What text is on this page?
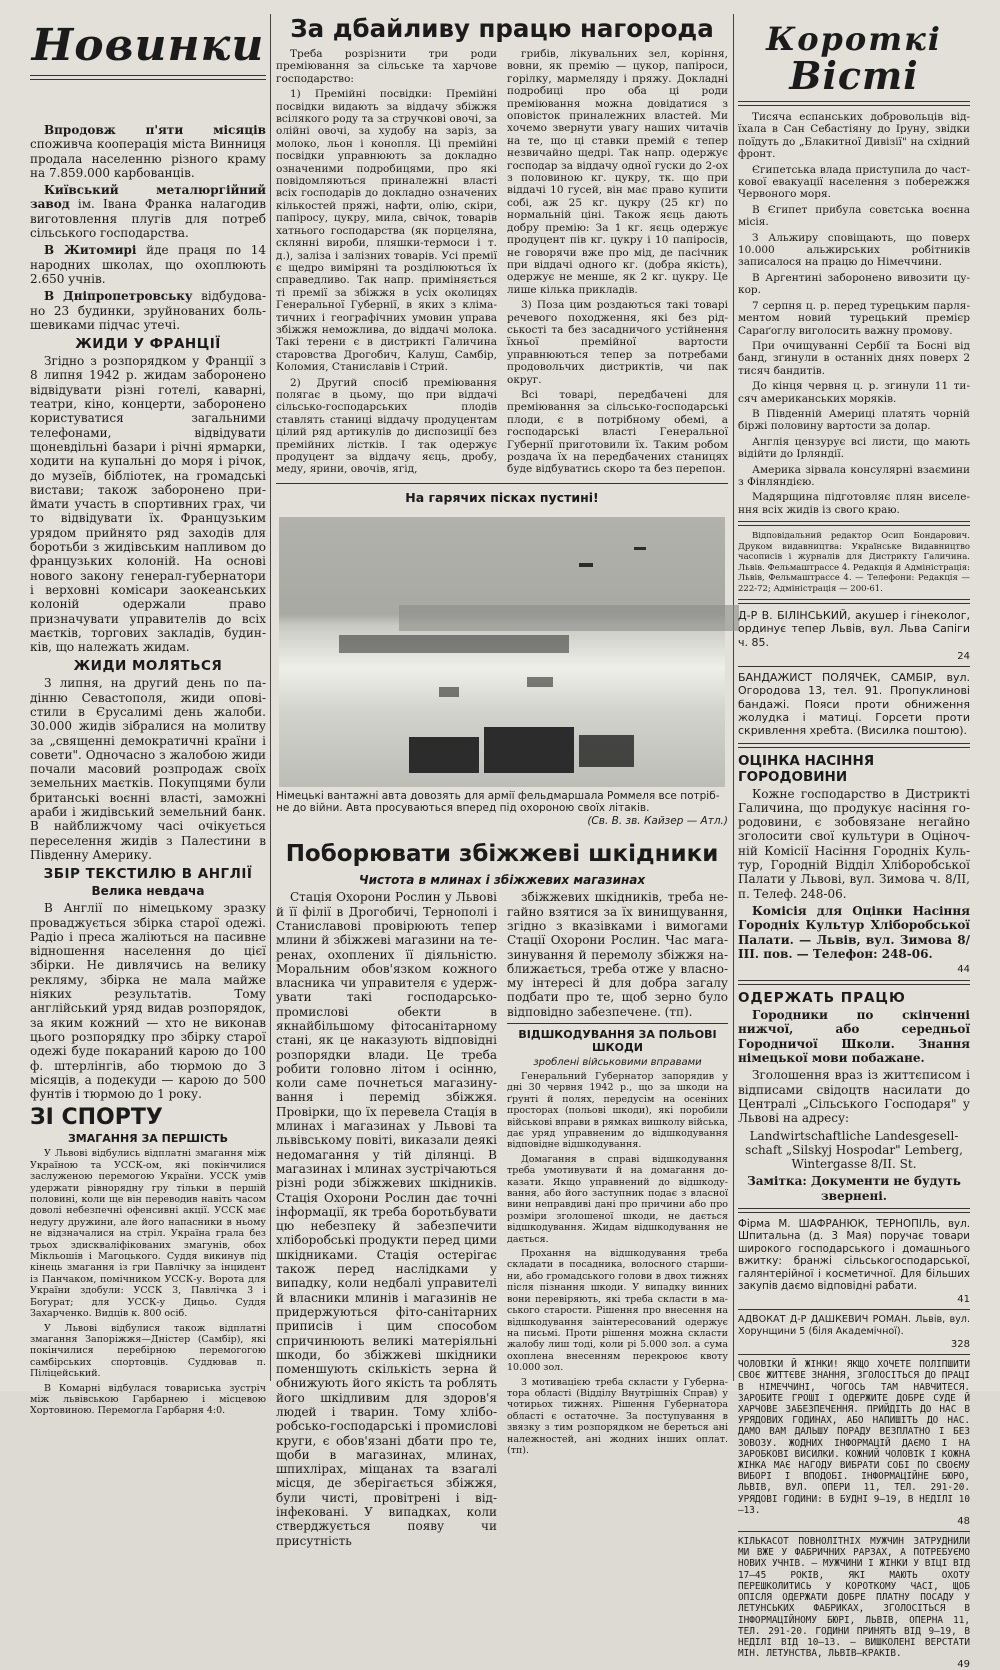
Новинки

Впродовж п'яти місяців споживча кооперація міста Винниця продала населенню різного краму на 7.859.000 карбованців.

Київський металюргійний завод ім. Івана Франка налагодив виготовлення плугів для потреб сільського господарства.

В Житомирі йде праця по 14 народних школах, що охоплюють 2.650 учнів.

В Дніпропетровську відбудовано 23 будинки, зруйнованих большевиками підчас утечі.

ЖИДИ У ФРАНЦІЇ

Згідно з розпорядком у Франції з 8 липня 1942 р. жидам заборонено відвідувати різні готелі, каварні, театри, кіно, концерти, заборонено користуватися загальними телефонами, відвідувати щоневдільні базари і річні ярмарки, ходити на купальні до моря і річок, до музеїв, бібліотек, на громадські вистави; також заборонено приймати участь в спортивних грах, чи то відвідувати їх. Французьким урядом прийнято ряд заходів для боротьби з жидівським напливом до французьких колоній. На основі нового закону генерал-губернатори і верховні комісари заокеанських колоній одержали право призначувати управителів до всіх маєтків, торгових закладів, будинків, що належать жидам.

ЖИДИ МОЛЯТЬСЯ

3 липня, на другий день по падінню Севастополя, жиди оповiстили в Єрусалимі день жалоби. 30.000 жидів зібралися на молитву за „священні демократичні країни і совети". Одночасно з жалобою жиди почали масовий розпродаж своїх земельних маєтків. Покупцями були британські воєнні власті, заможні араби і жидівський земельний банк. В найближчому часі очікується переселення жидів з Палестини в Південну Америку.

ЗБІР ТЕКСТИЛЮ В АНГЛІЇ
Велика невдача

В Англії по німецькому зразку проваджується збірка старої одежі. Радіо і преса жаліються на пасивне відношення населення до цієї збірки. Не дивлячись на велику рекляму, збірка не мала майже ніяких результатів. Тому англійський уряд видав розпорядок, за яким кожний — хто не виконав цього розпорядку про збірку старої одежі буде покараний карою до 100 ф. штерлінгів, або тюрмою до 3 місяців, а подекуди — карою до 500 фунтів і тюрмою до 1 року.

ЗІ СПОРТУ
ЗМАГАННЯ ЗА ПЕРШІСТЬ

У Львові відбулись відплатні змагання між Україною та УССК-ом, які покінчилися заслуженою перемогою України. УССК умів удержати рівнорядну гру тільки в першій половині, коли ще він переводив навіть часом доволі небезпечні офенсивні акції. УССК має недугу дружини, але його напасники в ньому не відзначалися на стріл. Україна грала без трьох здисквалiфiкованих змагунів, обох Мікльошів і Магоцького. Суддя викинув під кінець змагання із гри Павлічку за інцидент із Панчаком, помічником УССК-у. Ворота для України здобули: УССК 3, Павлічка 3 і Богурат; для УССК-у Дицьо. Суддя Захарченко. Видців к. 800 осіб.

У Львові відбулися також відплатні змагання Запоріжжя—Дністер (Самбір), які покінчилися перебірною перемогогою самбірських спортовців. Суддював п. Пілiцейський.

В Комарні відбулася товариська зустріч між львівською Гарбарнею і місцевою Хортовиною. Перемогла Гарбарня 4:0.

За дбайливу працю нагорода

Треба розрізнити три роди преміювання за сільське та харчове господарство:

1) Премійні посвідки: Премійні посвідки видають за віддачу збіжжя всілякого роду та за стручкові овочі, за олійні овочі, за худобу на заріз, за молоко, льон і конопля. Ці премійні посвідки управнюють за докладно означеними подробицями, про які повідомляються приналежні власті всіх господарів до докладно означених кількостей пряжі, нафти, олію, скіри, папіросу, цукру, мила, свічок, товарів хатнього господарства (як порцеляна, склянні вироби, пляшки-термоси і т. д.), заліза і залізних товарів. Усі премії є щедро виміряні та роздiлюються їх справедливо. Так напр. приміняється ті премії за збіжжя в усіх околицях Генеральної Губернії, в яких з кліматичних і географічних умовин управа збіжжя неможлива, до віддачі молока. Такі терени є в дистрикті Галичина старовства Дрогобич, Калуш, Самбір, Коломия, Станиславів і Стрий.

2) Другий спосіб преміювання полягає в цьому, що при віддачі сільсько-господарських плодів ставлять станиці віддачу продуцентам цілий ряд артикулів до диспозиції без премійних лістків. І так одержує продуцент за віддачу яєць, дробу, меду, ярини, овочів, ягід,

грибів, лікувальних зел, коріння, вовни, як премію — цукор, папіроси, горілку, мармеляду і пряжу. Докладні подробиці про оба ці роди преміювання можна довідатися з оповісток приналежних властей. Ми хочемо звернути увагу наших читачів на те, що ці ставки премій є тепер незвичайно щедрі. Так напр. одержує господар за віддачу одної гуски до 2-ох з половиною кг. цукру, тк. що при віддачі 10 гусей, він має право купити собі, аж 25 кг. цукру (25 кг) по нормальній ціні. Також яєць дають добру премію: За 1 кг. яєць одержує продуцент пів кг. цукру і 10 папіросів, не говорячи вже про мід, де пасічник при віддачі одного кг. (добра якість), одержує не менше, як 2 кг. цукру. Це лише кілька прикладів.

3) Поза цим роздаються такі товарі речевого походження, які без рідськості та без засадничого устійнення їхньої премійної вартости управнюються тепер за потребами продовольчих дистриктів, чи пак округ.

Всі товарі, передбачені для преміювання за сільсько-господарські плоди, є в потрібному обемі, а господарські власті Генеральної Губернії приготовили їх. Таким робом роздача їх на передбачених станицях буде відбуватись скоро та без перепон.

На гарячих пісках пустині!
Німецькі вантажні авта довозять для армії фельдмаршала Роммеля все потрібне до війни. Авта просуваються вперед під охороною своїх літаків.
(Св. В. зв. Кайзер — Атл.)
Поборювати збіжжеві шкідники
Чистота в млинах і збіжжевих магазинах

Стація Охорони Рослин у Львові й її філії в Дрогобичі, Тернополі і Станиславові провірюють тепер млини й збіжжеві магазини на теренах, охоплених її діяльністю. Моральним обов'язком кожного власника чи управителя є удержувати такі господарсько-промислові обекти в якнайбільшому фітосанітарному стані, як це наказують відповідні розпорядки влади. Це треба робити головно літом і осінню, коли саме почнеться магазинування і перемiд збіжжя. Провірки, що їх перевела Стація в млинах і магазинах у Львові та львівському повіті, виказали деякі недомагання у тій ділянці. В магазинах і млинах зустрічаються різні роди збіжжевих шкідників. Стація Охорони Рослин дає точні інформації, як треба боротьбувати цю небезпеку й забезпечити хліборобські продукти перед цими шкідниками. Стація остерігає також перед наслідками у випадку, коли недбалі управителі й власники млинів і магазинів не придержуються фіто-санітарних приписів і цим способом спричинюють великі матеріяльні шкоди, бо збіжжеві шкідники поменшують скількість зерна й обнижують його якість та роблять його шкідливим для здоров'я людей і тварин. Тому хліборобсько-господарські і промислові круги, є обов'язані дбати про те, щоби в магазинах, млинах, шпихлірах, міщанах та взагалі місця, де зберігається збіжжя, були чисті, провітрені і відінфекованi. У випадках, коли стверджується появу чи присутність

збіжжевих шкідників, треба негайно взятися за їх винищування, згідно з вказівками і вимогами Стації Охорони Рослин. Час магазинування й перемолу збіжжя наближається, треба отже у власному інтересі й для добра загалу подбати про те, щоб зерно було відповідно забезпечене. (тп).

ВІДШКОДУВАННЯ ЗА ПОЛЬОВІ ШКОДИ
зроблені військовими вправами

Генеральний Губернатор запорядив у дні 30 червня 1942 р., що за шкоди на ґрунті й полях, передусім на осеніних просторах (польові шкоди), які поробили військові вправи в рямках вишколу війська, дає уряд управненим до відшкодування відповідне відшкодування.

Домагання в справі відшкодування треба умотивувати й на домагання доказати. Якщо управнений до відшкодування, або його заступник подає з власної вини неправдиві дані про причини або про розміри зголошеної шкоди, не дається відшкодування. Жидам відшкодування не дається.

Прохання на відшкодування треба складати в посадника, волосного старшини, або громадського голови в двох тижнях після пізнання шкоди. У випадку винних вони перевіряють, які треба скласти в маського старости. Рішення про внесення на відшкодування заінтересований одержує на письмі. Проти рішення можна скласти жалобу лиш тоді, коли рі 5.000 зол. а сума охоплена внесенням перекроює квоту 10.000 зол.

З мотивацією треба скласти у Губернатора області (Відділу Внутрішніх Справ) у чотирьох тижнях. Рішення Губернатора області є остаточне. За поступування в звязку з тим розпорядком не береться ані належностей, ані жодних інших оплат. (тп).

Короткі
Вісті

Тисяча еспанських добровольців відїхала в Сан Себастіяну до Іруну, звідки поїдуть до „Блакитної Дивізії" на східний фронт.

Єгипетська влада приступила до часткової евакуації населення з побережжя Червоного моря.

В Єгипет прибула совєтська воєнна місія.

З Альжиру сповіщають, що поверх 10.000 альжирських робітників записалося на працю до Німеччини.

В Аргентині заборонено вивозити цукор.

7 серпня ц. р. перед турецьким парляментом новий турецький премієр Сараґоглу виголосить важну промову.

При очищуванні Сербії та Босні від банд, згинули в останніх днях поверх 2 тисяч бандитів.

До кінця червня ц. р. згинули 11 тисяч американських моряків.

В Південній Америці платять чорній біржі половину вартости за долар.

Англія цензурує всі листи, що мають відійти до Ірляндії.

Америка зірвала консулярні взаємини з Фінляндією.

Мадярщина підготовляє плян виселення всіх жидів із свого краю.

Відповідальний редактор Осип Бондарович. Друком видавництва: Українське Видавництво часописів і журналів для Дистрикту Галичина. Львів. Фельмаштрассе 4. Редакція й Адміністрація: Львів, Фельмаштрассе 4. — Телефони: Редакція — 222-72; Адміністрація — 200-61.

Д-Р В. БІЛІНСЬКИЙ, акушер і гінеколог, ординує тепер Львів, вул. Льва Сапіги ч. 85.
24
БАНДАЖИСТ ПОЛЯЧЕК, САМБІР, вул. Огородова 13, тел. 91. Пропуклинові бандажі. Пояси проти обниження жолудка і матиці. Горсети проти скривлення хребта. (Висилка поштою).
ОЦІНКА НАСІННЯ ГОРОДОВИНИ

Кожне господарство в Дистрикті Галичина, що продукує насіння городовини, є зобовязане негайно зголосити свої культури в Оціночній Комісії Насіння Городніх Культур, Городній Відділ Хліборобської Палати у Львові, вул. Зимова ч. 8/ІІ, п. Телеф. 248-06.

Комісія для Оцінки Насіння Городніх Культур Хліборобської Палати. — Львів, вул. Зимова 8/ІІІ. пов. — Телефон: 248-06.

44
ОДЕРЖАТЬ ПРАЦЮ

Городники по скінченні нижчої, або середньої Городничої Школи. Знання німецької мови побажане.

Зголошення враз із життєписом і відписами свідоцтв насилати до Централі „Сільського Господаря" у Львові на адресу:

Landwirtschaftliche Landesgesellschaft „Silskyj Hospodar" Lemberg, Wintergasse 8/II. St.

Замітка: Документи не будуть звернені.

Фірма М. ШАФРАНЮК, ТЕРНОПІЛЬ, вул. Шпитальна (д. 3 Мая) поручає товари широкого господарського і домашнього вжитку: бранжі сільськогосподарської, галянтерійної і косметичної. Для більших закупів даємо відповідні рабати.
41
АДВОКАТ Д-Р ДАШКЕВИЧ РОМАН. Львів, вул. Хорунщини 5 (біля Академічної).
328
ЧОЛОВІКИ Й ЖІНКИ! ЯКЩО ХОЧЕТЕ ПОЛІПШИТИ СВОЄ ЖИТТЄВЕ ЗНАННЯ, ЗГОЛОСІТЬСЯ ДО ПРАЦІ В НІМЕЧЧИНІ, ЧОГОСЬ ТАМ НАВЧИТЕСЯ. ЗАРОБИТЕ ГРОШІ І ОДЕРЖИТЕ ДОБРЕ СУДЕ Й ХАРЧОВЕ ЗАБЕЗПЕЧЕННЯ. ПРИЙДІТЬ ДО НАС В УРЯДОВИХ ГОДИНАХ, АБО НАПИШІТЬ ДО НАС. ДАМО ВАМ ДАЛЬШУ ПОРАДУ ВЕЗПЛАТНО І БЕЗ ЗОВОЗУ. ЖОДНИХ ІНФОРМАЦІЙ ДАЄМО І НА ЗАРОБКОВІ ВИСИЛКИ. КОЖНИЙ ЧОЛОВІК І КОЖНА ЖІНКА МАЄ НАГОДУ ВИБРАТИ СОБІ ПО СВОЄМУ ВИБОРІ І ВПОДОБІ. ІНФОРМАЦІЙНЕ БЮРО, ЛЬВІВ, ВУЛ. ОПЕРИ 11, ТЕЛ. 291-20. УРЯДОВІ ГОДИНИ: В БУДНІ 9—19, В НЕДІЛІ 10—13.
48
КІЛЬКАСОТ ПОВНОЛІТНІХ МУЖЧИН ЗАТРУДНИЛИ МИ ВЖЕ У ФАБРИЧНИХ РАРЗАХ, А ПОТРЕБУЄМО НОВИХ УЧНІВ. — МУЖЧИНИ І ЖІНКИ У ВІЦІ ВІД 17—45 РОКІВ, ЯКІ МАЮТЬ ОХОТУ ПЕРЕШКОЛИТИСЬ У КОРОТКОМУ ЧАСІ, ЩОБ ОПІСЛЯ ОДЕРЖАТИ ДОБРЕ ПЛАТНУ ПОСАДУ У ЛЕТУНСЬКИХ ФАБРИКАХ, ЗГОЛОСІТЬСЯ В ІНФОРМАЦІЙНОМУ БЮРІ, ЛЬВІВ, ОПЕРНА 11, ТЕЛ. 291-20. ГОДИНИ ПРИНЯТЬ ВІД 9—19, В НЕДІЛІ ВІД 10—13. — ВИШКОЛЕНІ ВЕРСТАТИ МІН. ЛЕТУНСТВА, ЛЬВІВ—КРАКІВ.
49
